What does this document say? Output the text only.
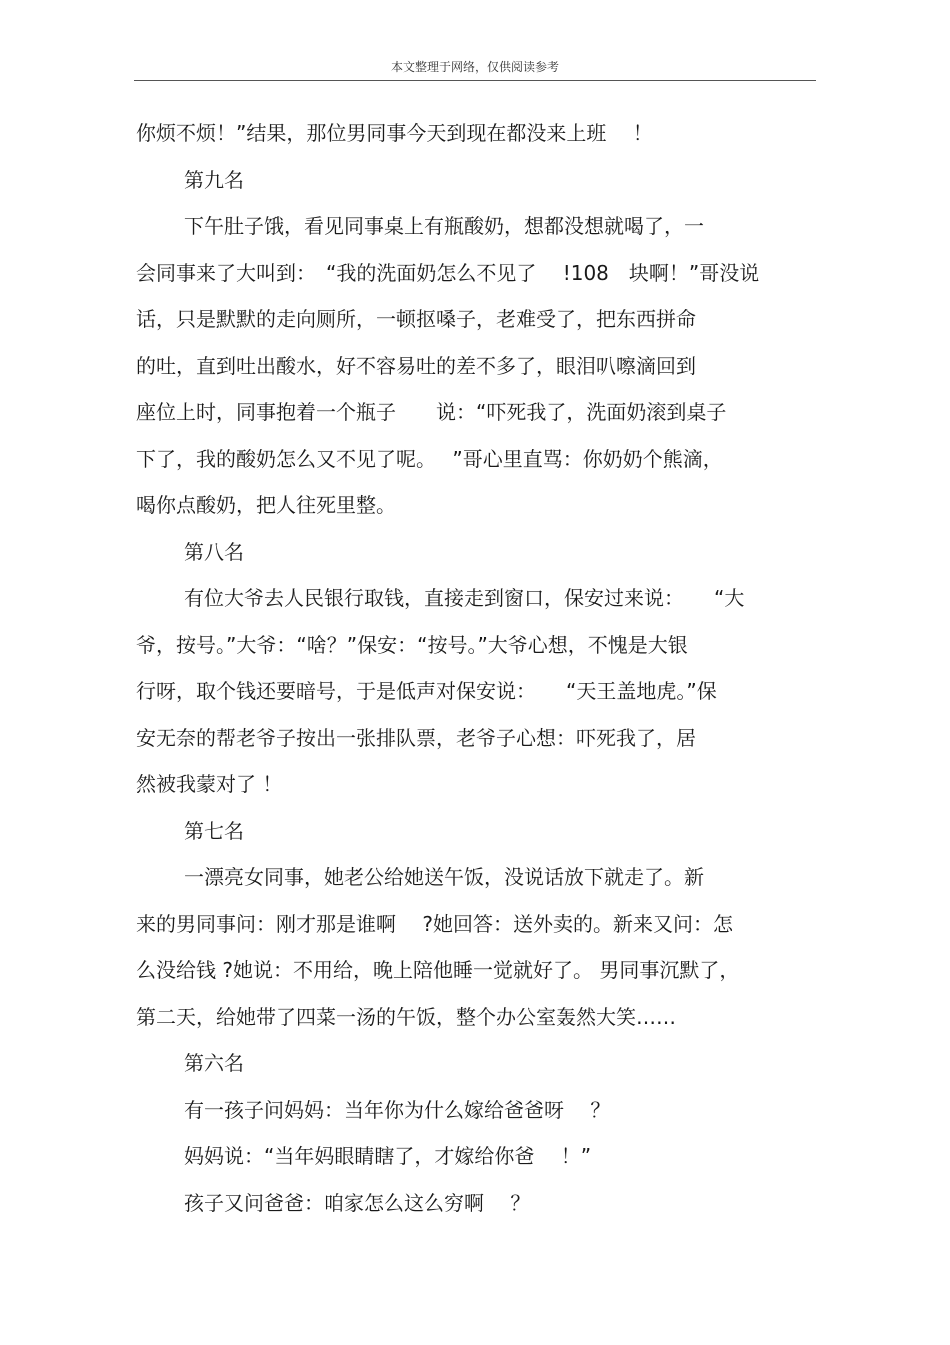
本文整理于网络，仅供阅读参考
你烦不烦！”结果，那位男同事今天到现在都没来上班　 ！
第九名
下午肚子饿，看见同事桌上有瓶酸奶，想都没想就喝了，一
会同事来了大叫到：　“我的洗面奶怎么不见了　 !108　块啊！”哥没说
话，只是默默的走向厕所，一顿抠嗓子，老难受了，把东西拼命
的吐，直到吐出酸水，好不容易吐的差不多了，眼泪叭嚓滴回到
座位上时，同事抱着一个瓶子　　说：“吓死我了，洗面奶滚到桌子
下了，我的酸奶怎么又不见了呢。　 ”哥心里直骂：你奶奶个熊滴，
喝你点酸奶，把人往死里整。
第八名
有位大爷去人民银行取钱，直接走到窗口，保安过来说：　　“大
爷，按号。”大爷：“啥？”保安：“按号。”大爷心想，不愧是大银
行呀，取个钱还要暗号，于是低声对保安说：　　“天王盖地虎。”保
安无奈的帮老爷子按出一张排队票，老爷子心想：吓死我了，居
然被我蒙对了 ！
第七名
一漂亮女同事，她老公给她送午饭，没说话放下就走了。新
来的男同事问：刚才那是谁啊　 ?她回答：送外卖的。新来又问：怎
么没给钱 ?她说：不用给，晚上陪他睡一觉就好了。 男同事沉默了，
第二天，给她带了四菜一汤的午饭，整个办公室轰然大笑……
第六名
有一孩子问妈妈：当年你为什么嫁给爸爸呀　 ？
妈妈说：“当年妈眼睛瞎了，才嫁给你爸　 ！”
孩子又问爸爸：咱家怎么这么穷啊　 ？
